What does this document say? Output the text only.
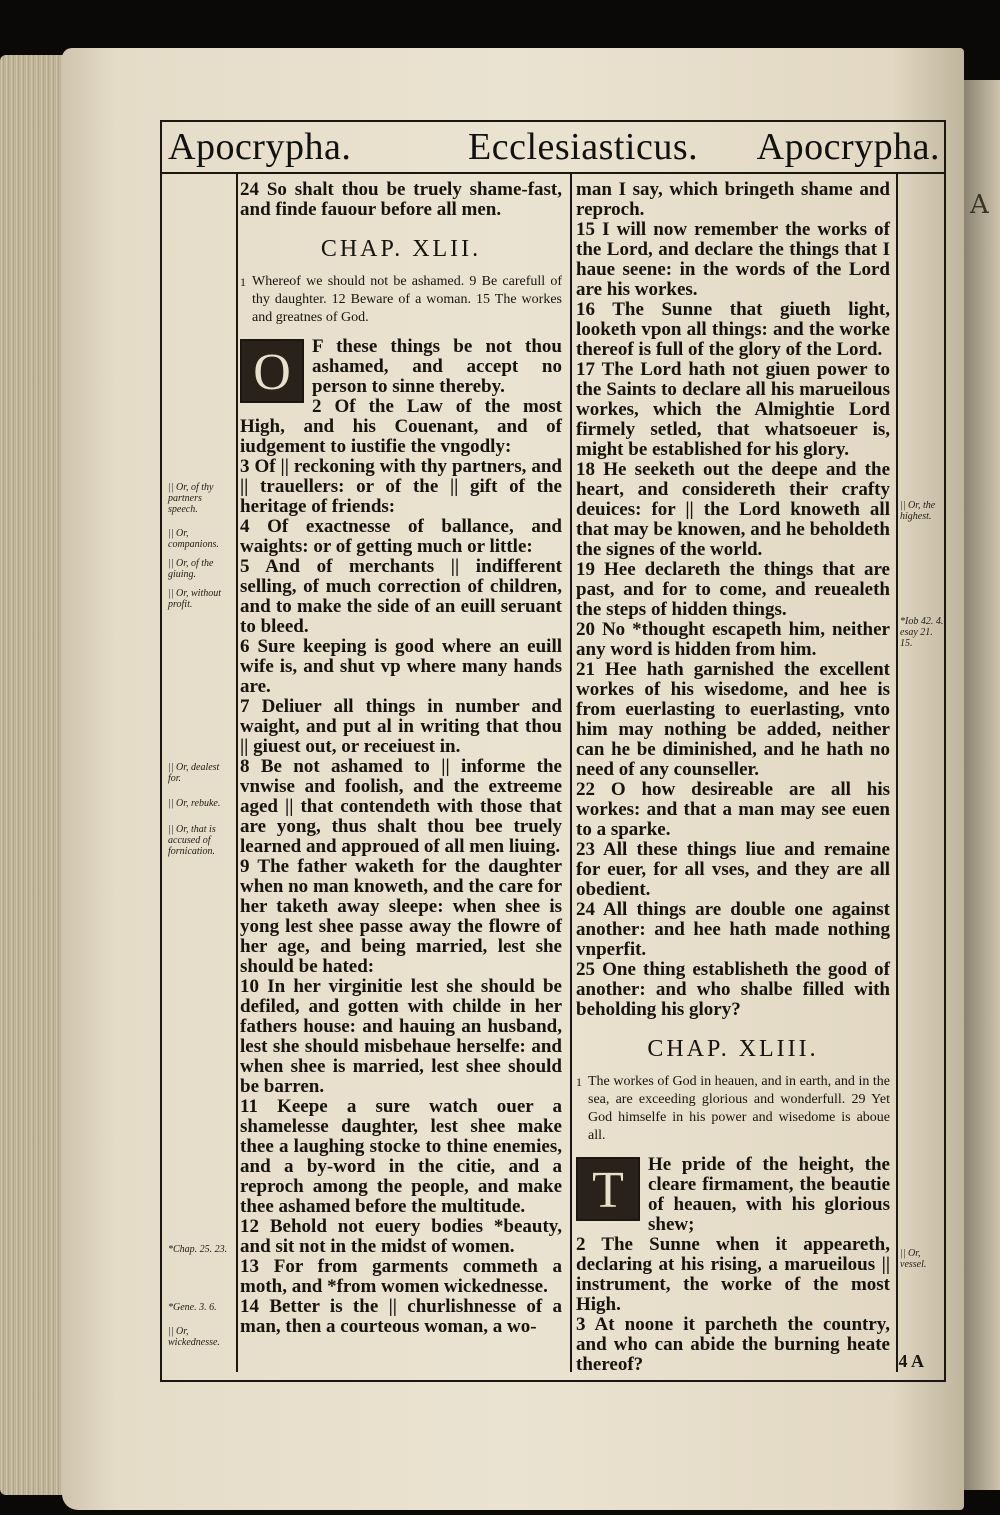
A
Apocrypha.	Ecclesiasticus. Apocrypha.

24 So shalt thou be truely shame-fast, and finde fauour before all men.

CHAP. XLII.
1 Whereof we should not be ashamed. 9 Be carefull of thy daughter. 12 Beware of a woman. 15 The workes and greatnes of God.
O	F these things be not thou ashamed, and accept no person to sinne thereby.

2 Of the Law of the most High, and his Couenant, and of iudgement to iustifie the vngodly:

3 Of || reckoning with thy partners, and || trauellers: or of the || gift of the heritage of friends:

4 Of exactnesse of ballance, and waights: or of getting much or little:

5 And of merchants || indifferent selling, of much correction of children, and to make the side of an euill seruant to bleed.

6 Sure keeping is good where an euill wife is, and shut vp where many hands are.

7 Deliuer all things in number and waight, and put al in writing that thou || giuest out, or receiuest in.

8 Be not ashamed to || informe the vnwise and foolish, and the extreeme aged || that contendeth with those that are yong, thus shalt thou bee truely learned and approued of all men liuing.

9 The father waketh for the daughter when no man knoweth, and the care for her taketh away sleepe: when shee is yong lest shee passe away the flowre of her age, and being married, lest she should be hated:

10 In her virginitie lest she should be defiled, and gotten with childe in her fathers house: and hauing an husband, lest she should misbehaue herselfe: and when shee is married, lest shee should be barren.

11 Keepe a sure watch ouer a shamelesse daughter, lest shee make thee a laughing stocke to thine enemies, and a by-word in the citie, and a reproch among the people, and make thee ashamed before the multitude.

12 Behold not euery bodies *beauty, and sit not in the midst of women.

13 For from garments commeth a moth, and *from women wickednesse.

14 Better is the || churlishnesse of a man, then a courteous woman, a wo-

man I say, which bringeth shame and reproch.

15 I will now remember the works of the Lord, and declare the things that I haue seene: in the words of the Lord are his workes.

16 The Sunne that giueth light, looketh vpon all things: and the worke thereof is full of the glory of the Lord.

17 The Lord hath not giuen power to the Saints to declare all his marueilous workes, which the Almightie Lord firmely setled, that whatsoeuer is, might be established for his glory.

18 He seeketh out the deepe and the heart, and considereth their crafty deuices: for || the Lord knoweth all that may be knowen, and he beholdeth the signes of the world.

19 Hee declareth the things that are past, and for to come, and reuealeth the steps of hidden things.

20 No *thought escapeth him, neither any word is hidden from him.

21 Hee hath garnished the excellent workes of his wisedome, and hee is from euerlasting to euerlasting, vnto him may nothing be added, neither can he be diminished, and he hath no need of any counseller.

22 O how desireable are all his workes: and that a man may see euen to a sparke.

23 All these things liue and remaine for euer, for all vses, and they are all obedient.

24 All things are double one against another: and hee hath made nothing vnperfit.

25 One thing establisheth the good of another: and who shalbe filled with beholding his glory?

CHAP. XLIII.
1 The workes of God in heauen, and in earth, and in the sea, are exceeding glorious and wonderfull. 29 Yet God himselfe in his power and wisedome is aboue all.
T	He pride of the height, the cleare firmament, the beautie of heauen, with his glorious shew;

2 The Sunne when it appeareth, declaring at his rising, a marueilous || instrument, the worke of the most High.

3 At noone it parcheth the country, and who can abide the burning heate thereof?	4 A
|| Or, of thy partners speech.
|| Or, companions.
|| Or, of the giuing.
|| Or, without profit.
|| Or, dealest for.
|| Or, rebuke.
|| Or, that is accused of fornication.
*Chap. 25. 23.
*Gene. 3. 6.
|| Or, wickednesse.
|| Or, the highest.
*Iob 42. 4. esay 21. 15.
|| Or, vessel.
